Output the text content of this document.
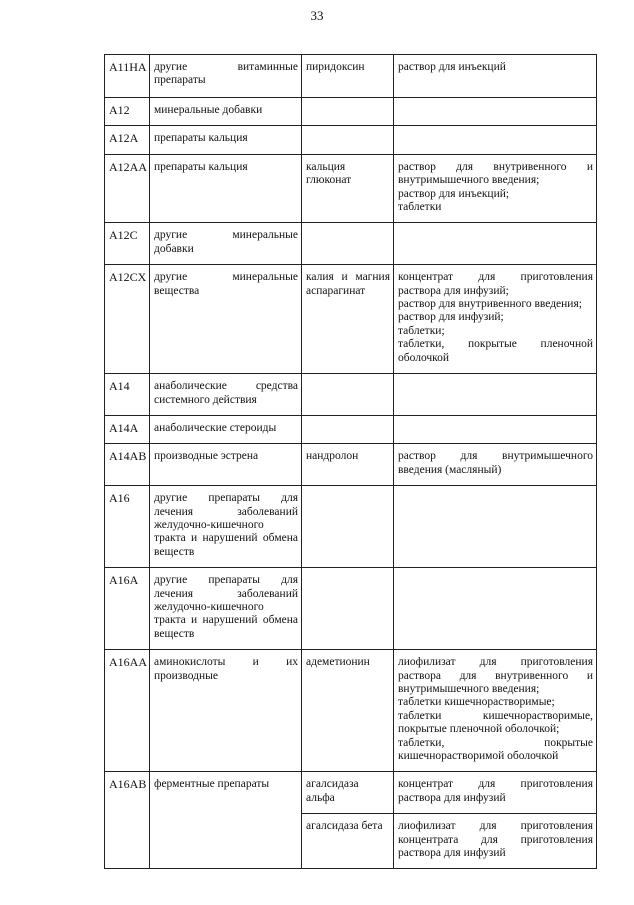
33
A11HA	другие витаминные препараты	пиридоксин	раствор для инъекций

A12	минеральные добавки		
A12A	препараты кальция		
A12AA	препараты кальция	кальция глюконат	раствор для внутривенного и внутримышечного введения;
раствор для инъекций;
таблетки

A12C	другие минеральные добавки		
A12CX	другие минеральные вещества	калия и магния аспарагинат	концентрат для приготовления раствора для инфузий;
раствор для внутривенного введения;
раствор для инфузий;
таблетки;
таблетки, покрытые пленочной оболочкой

A14	анаболические средства системного действия		
A14A	анаболические стероиды		
A14AB	производные эстрена	нандролон	раствор для внутримышечного введения (масляный)

A16	другие препараты для лечения заболеваний желудочно-кишечного тракта и нарушений обмена веществ		
A16A	другие препараты для лечения заболеваний желудочно-кишечного тракта и нарушений обмена веществ		
A16AA	аминокислоты и их производные	адеметионин	лиофилизат для приготовления раствора для внутривенного и внутримышечного введения;
таблетки кишечнорастворимые;
таблетки кишечнорастворимые, покрытые пленочной оболочкой;
таблетки, покрытые кишечнорастворимой оболочкой

A16AB	ферментные препараты	агалсидаза альфа	концентрат для приготовления раствора для инфузий

		агалсидаза бета	лиофилизат для приготовления концентрата для приготовления раствора для инфузий
